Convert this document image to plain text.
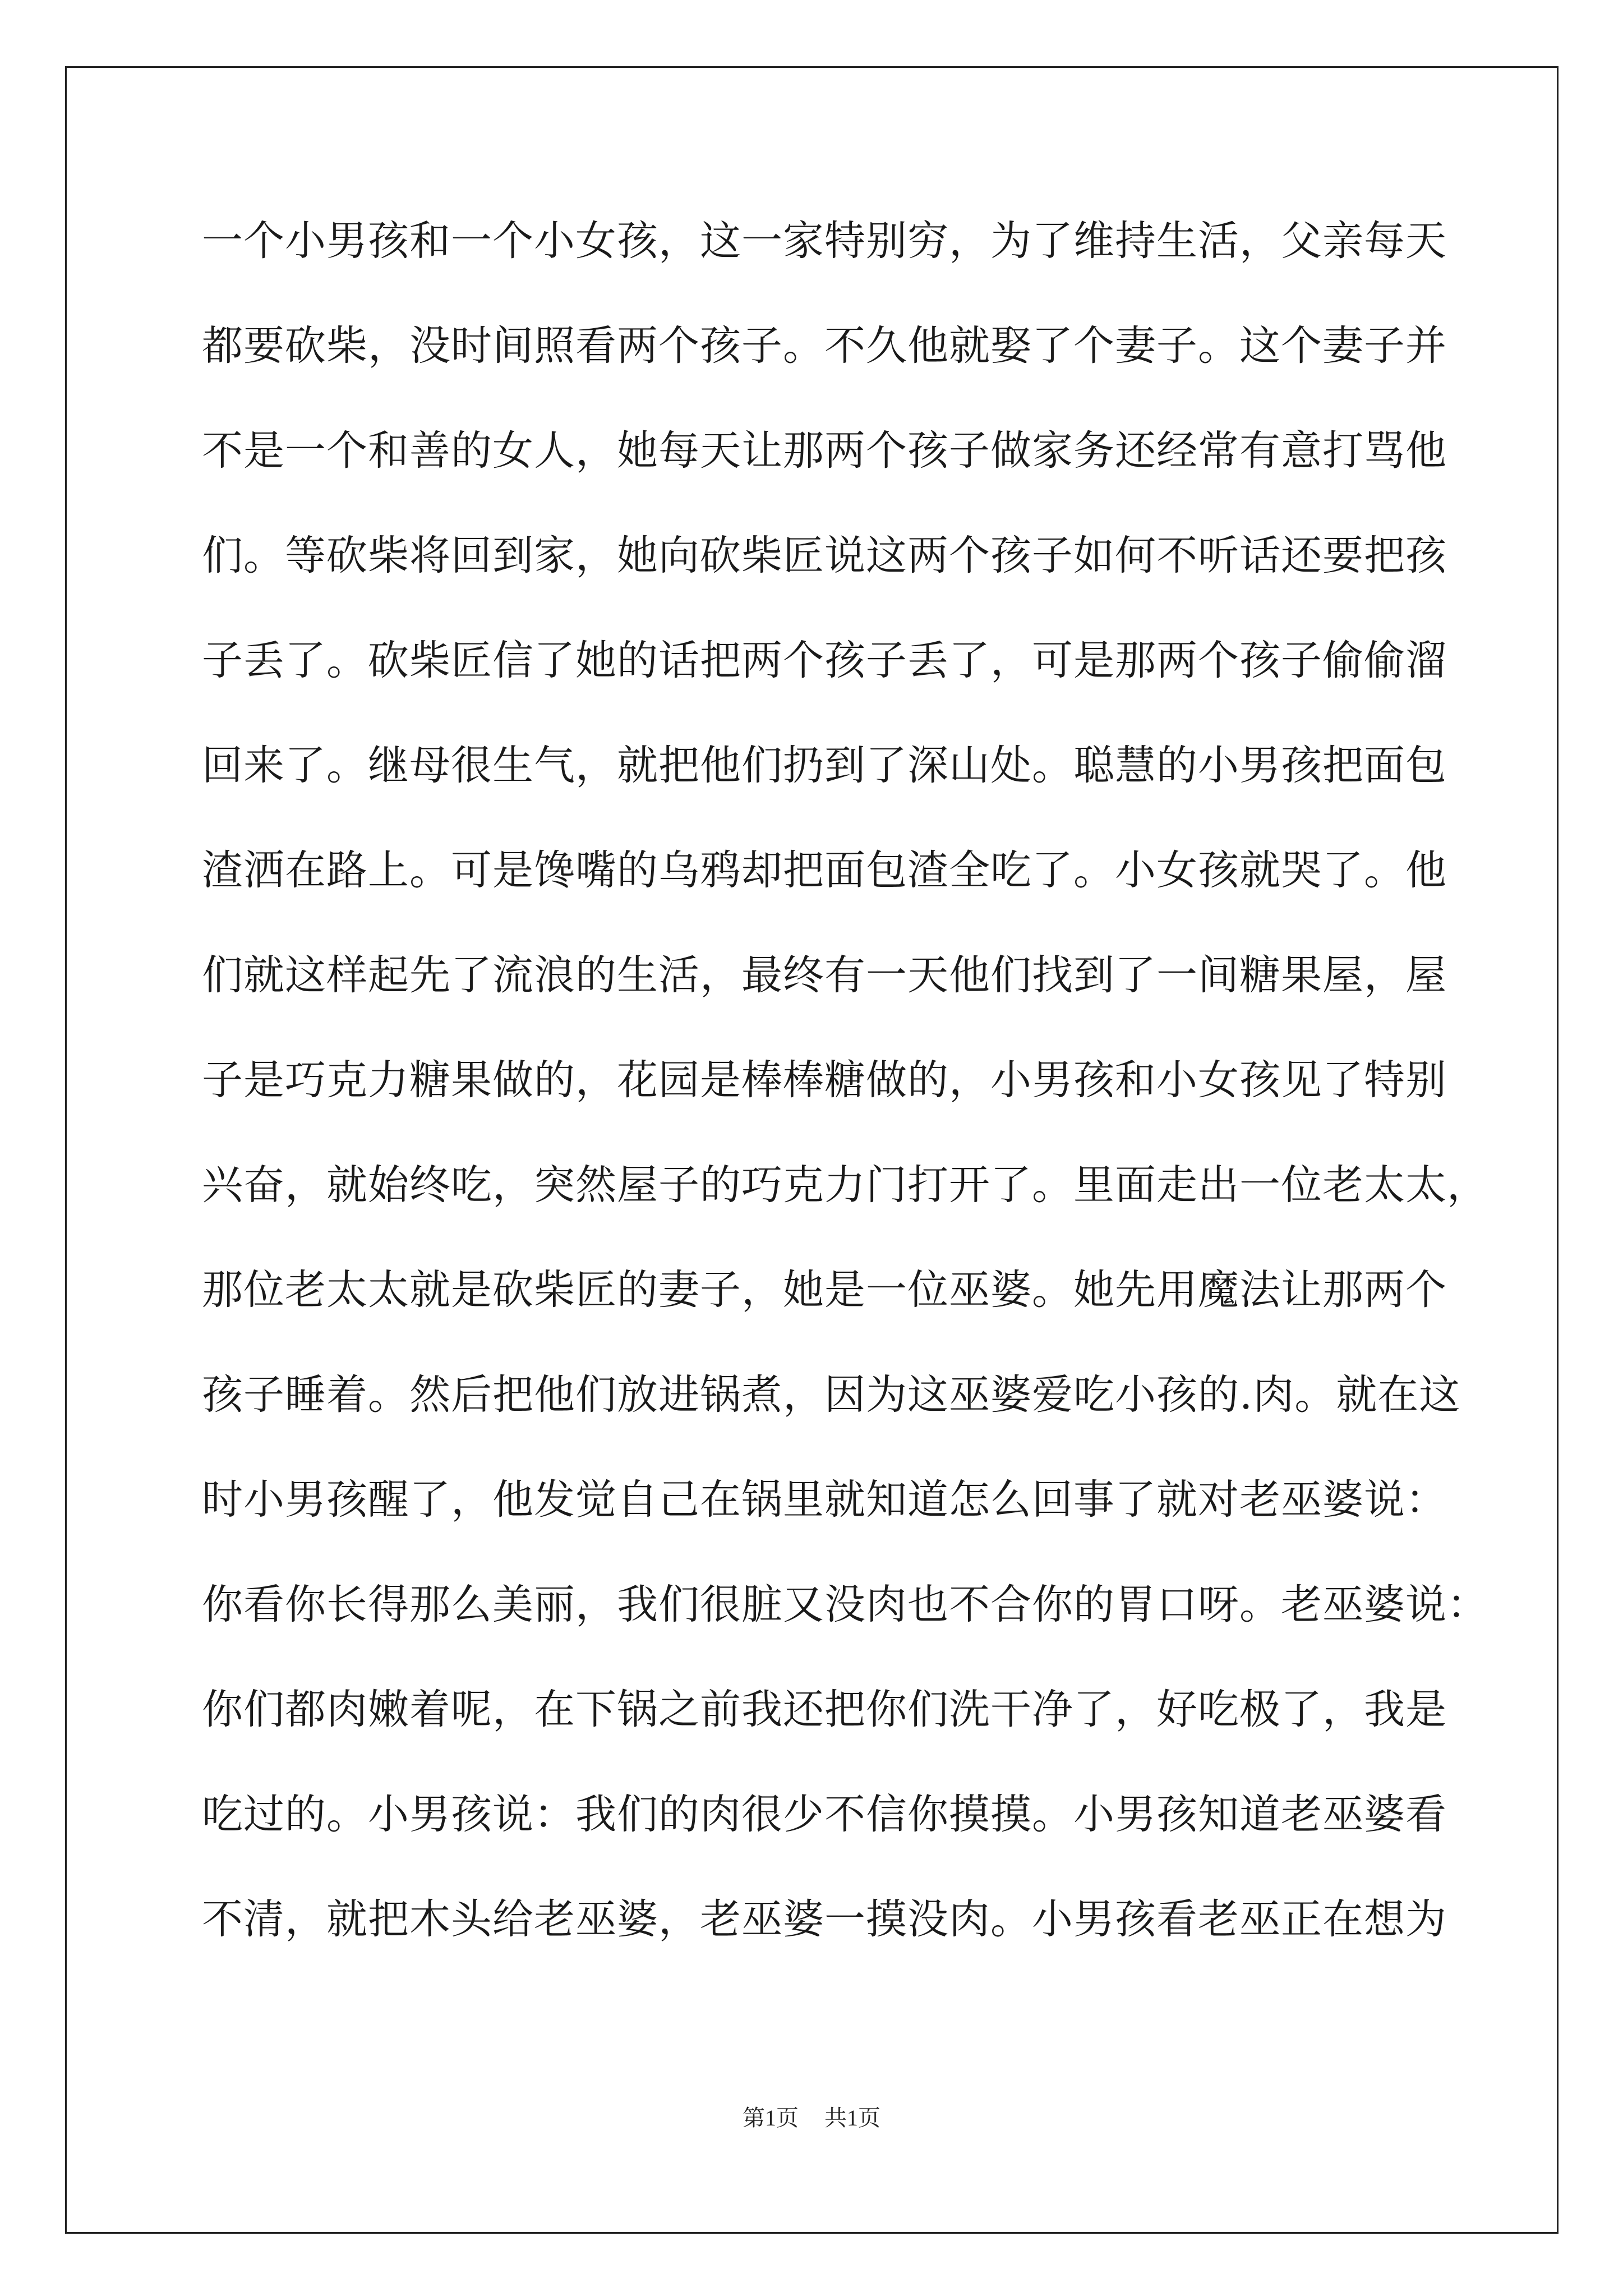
一个小男孩和一个小女孩，这一家特别穷，为了维持生活，父亲每天
都要砍柴，没时间照看两个孩子。不久他就娶了个妻子。这个妻子并
不是一个和善的女人，她每天让那两个孩子做家务还经常有意打骂他
们。等砍柴将回到家，她向砍柴匠说这两个孩子如何不听话还要把孩
子丢了。砍柴匠信了她的话把两个孩子丢了，可是那两个孩子偷偷溜
回来了。继母很生气，就把他们扔到了深山处。聪慧的小男孩把面包
渣洒在路上。可是馋嘴的乌鸦却把面包渣全吃了。小女孩就哭了。他
们就这样起先了流浪的生活，最终有一天他们找到了一间糖果屋，屋
子是巧克力糖果做的，花园是棒棒糖做的，小男孩和小女孩见了特别
兴奋，就始终吃，突然屋子的巧克力门打开了。里面走出一位老太太，
那位老太太就是砍柴匠的妻子，她是一位巫婆。她先用魔法让那两个
孩子睡着。然后把他们放进锅煮，因为这巫婆爱吃小孩的.肉。就在这
时小男孩醒了，他发觉自己在锅里就知道怎么回事了就对老巫婆说：
你看你长得那么美丽，我们很脏又没肉也不合你的胃口呀。老巫婆说：
你们都肉嫩着呢，在下锅之前我还把你们洗干净了，好吃极了，我是
吃过的。小男孩说：我们的肉很少不信你摸摸。小男孩知道老巫婆看
不清，就把木头给老巫婆，老巫婆一摸没肉。小男孩看老巫正在想为
第1页 共1页
